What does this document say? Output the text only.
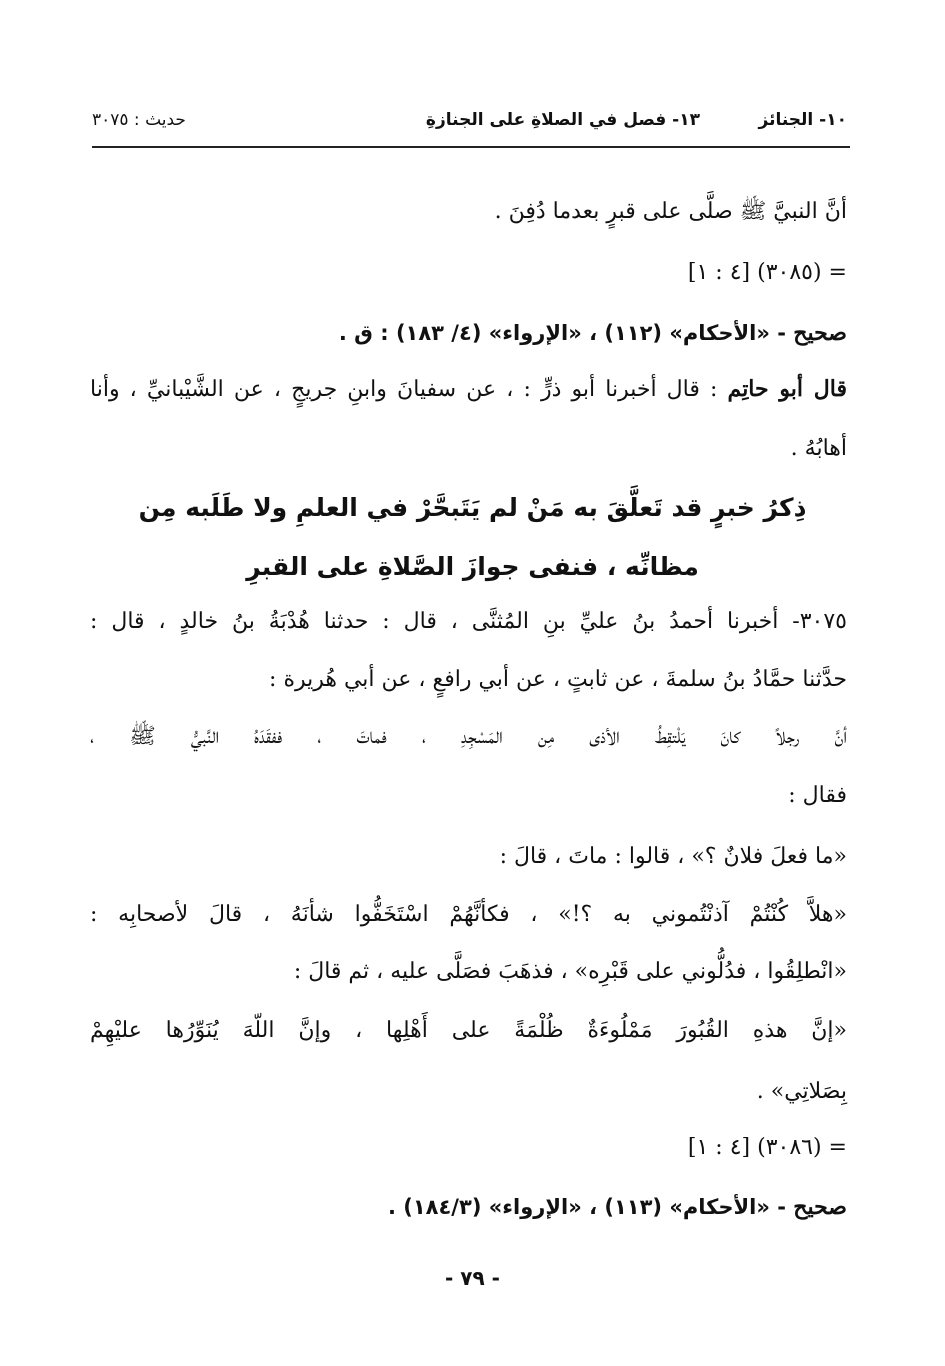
١٠- الجنائز
١٣- فصل في الصلاةِ على الجنازةِ
حديث : ٣٠٧٥
أنَّ النبيَّ ﷺ صلَّى على قبرٍ بعدما دُفِنَ .
= (٣٠٨٥) [٤ : ١]
صحيح - «الأحكام» (١١٢) ، «الإرواء» (٤/ ١٨٣) : ق .
قال أبو حاتِم : قال أخبرنا أبو ذرٍّ : ، عن سفيانَ وابنِ جريجٍ ، عن الشَّيْبانيِّ ، وأنا
أهابُهُ .
ذِكرُ خبرٍ قد تَعلَّقَ به مَنْ لم يَتَبحَّرْ في العلمِ ولا طَلَبه مِن
مظانِّه ، فنفى جوازَ الصَّلاةِ على القبرِ
٣٠٧٥- أخبرنا أحمدُ بنُ عليِّ بنِ المُثنَّى ، قال : حدثنا هُدْبَةُ بنُ خالدٍ ، قال :
حدَّثنا حمَّادُ بنُ سلمةَ ، عن ثابتٍ ، عن أبي رافعٍ ، عن أبي هُريرة :
أنَّ رجلاً كانَ يَلْتقِطُ الأذى مِن المَسْجِدِ ، فماتَ ، ففقَدَهُ النَّبيُّ ﷺ ،
فقال :
«ما فعلَ فلانٌ ؟» ، قالوا : ماتَ ، قالَ :
«هلاَّ كُنْتُمْ آذنْتُموني به ؟!» ، فكأنَّهُمْ اسْتَخَفُّوا شأنَهُ ، قالَ لأصحابِه :
«انْطلِقُوا ، فدُلُّوني على قَبْرِه» ، فذهَبَ فصَلَّى عليه ، ثم قالَ :
«إنَّ هذهِ القُبُورَ مَمْلُوءَةٌ ظُلْمَةً على أَهْلِها ، وإنَّ اللّهَ يُنَوِّرُها عليْهِمْ
بِصَلاتِي» .
= (٣٠٨٦) [٤ : ١]
صحيح - «الأحكام» (١١٣) ، «الإرواء» (١٨٤/٣) .
- ٧٩ -
